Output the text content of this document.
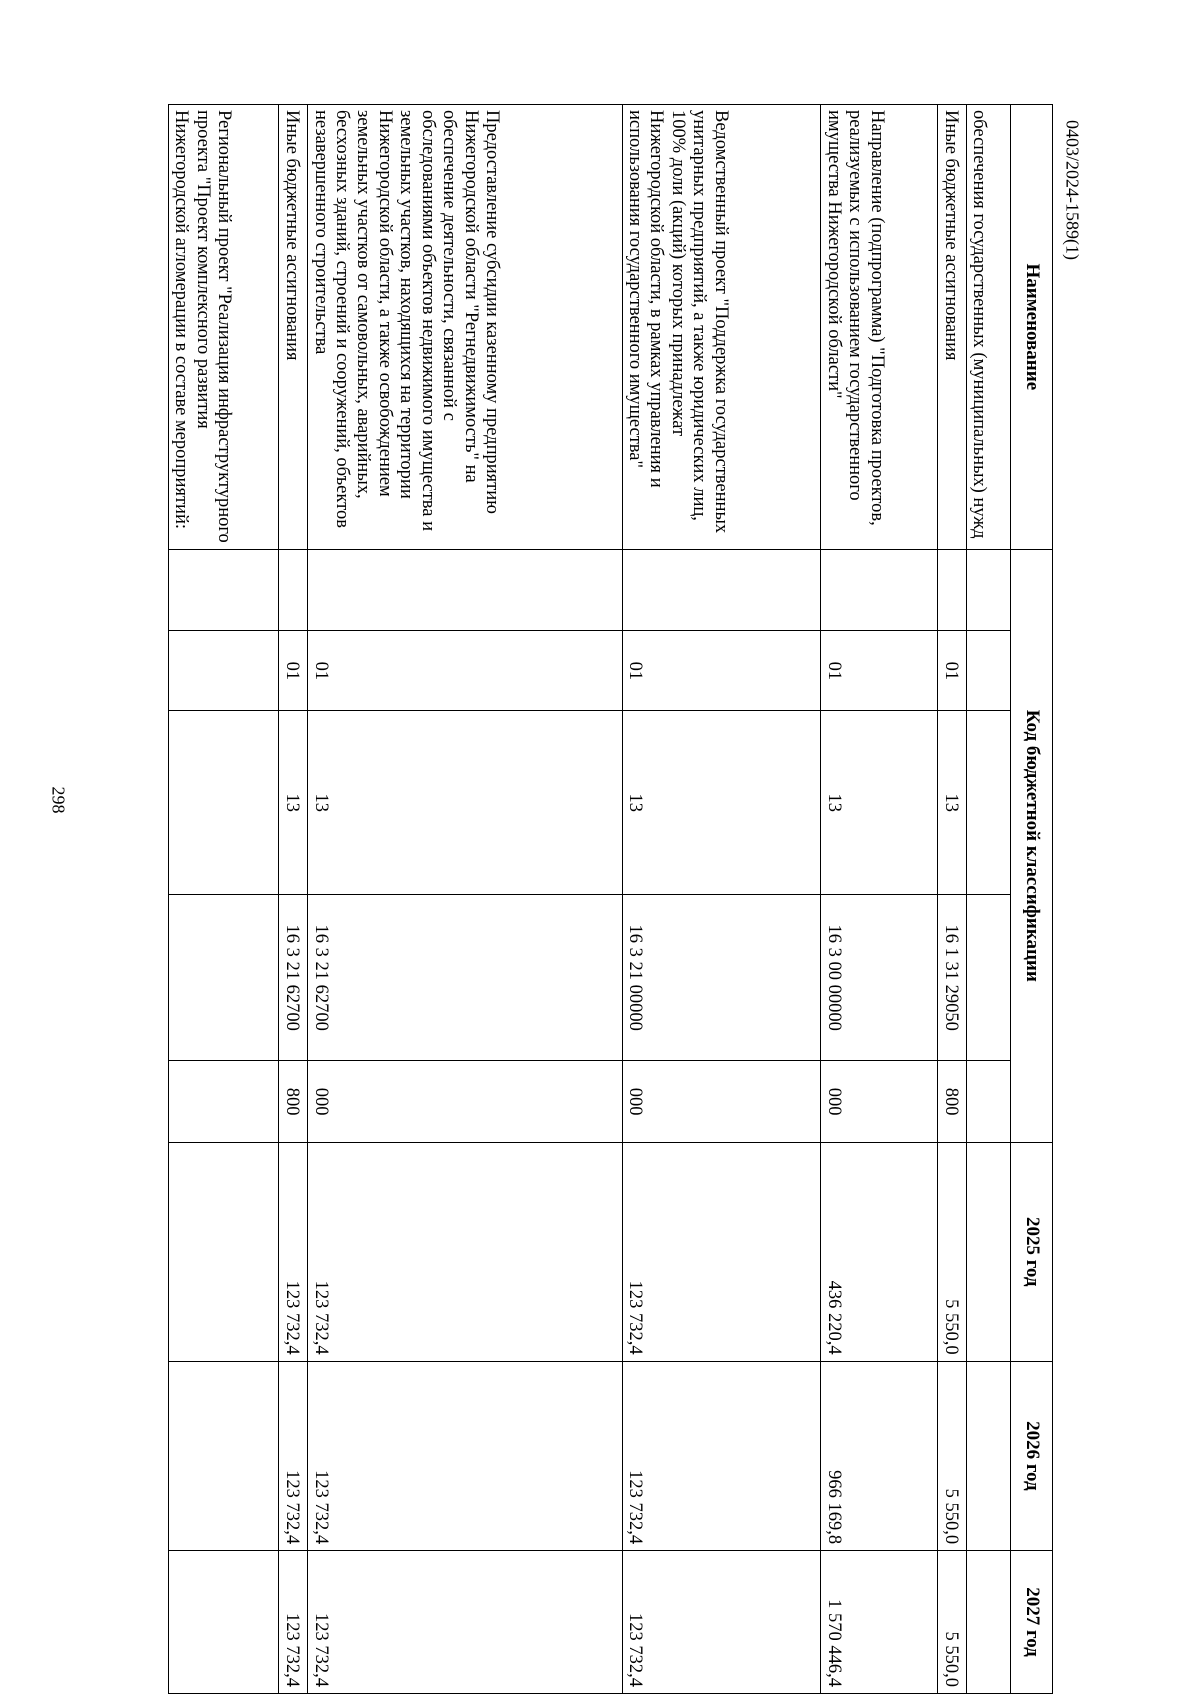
298
Наименование	Код бюджетной классификации					2025 год	2026 год	2027 год

обеспечения государственных (муниципальных) нужд								
Иные бюджетные ассигнования		01	13	16 1 31 29050	800	5 550,0	5 550,0	5 550,0
Направление (подпрограмма) "Подготовка проектов, реализуемых с использованием государственного имущества Нижегородской области"		01	13	16 3 00 00000	000	436 220,4	966 169,8	1 570 446,4
Ведомственный проект "Поддержка государственных унитарных предприятий, а также юридических лиц, 100% доли (акций) которых принадлежат Нижегородской области, в рамках управления и использования государственного имущества"		01	13	16 3 21 00000	000	123 732,4	123 732,4	123 732,4
Предоставление субсидии казенному предприятию Нижегородской области "Регнедвижимость" на обеспечение деятельности, связанной с обследованиями объектов недвижимого имущества и земельных участков, находящихся на территории Нижегородской области, а также освобождением земельных участков от самовольных, аварийных, бесхозных зданий, строений и сооружений, объектов незавершенного строительства		01	13	16 3 21 62700	000	123 732,4	123 732,4	123 732,4
Иные бюджетные ассигнования		01	13	16 3 21 62700	800	123 732,4	123 732,4	123 732,4
Региональный проект "Реализация инфраструктурного проекта "Проект комплексного развития Нижегородской агломерации в составе мероприятий:									0403/2024-1589(1)
